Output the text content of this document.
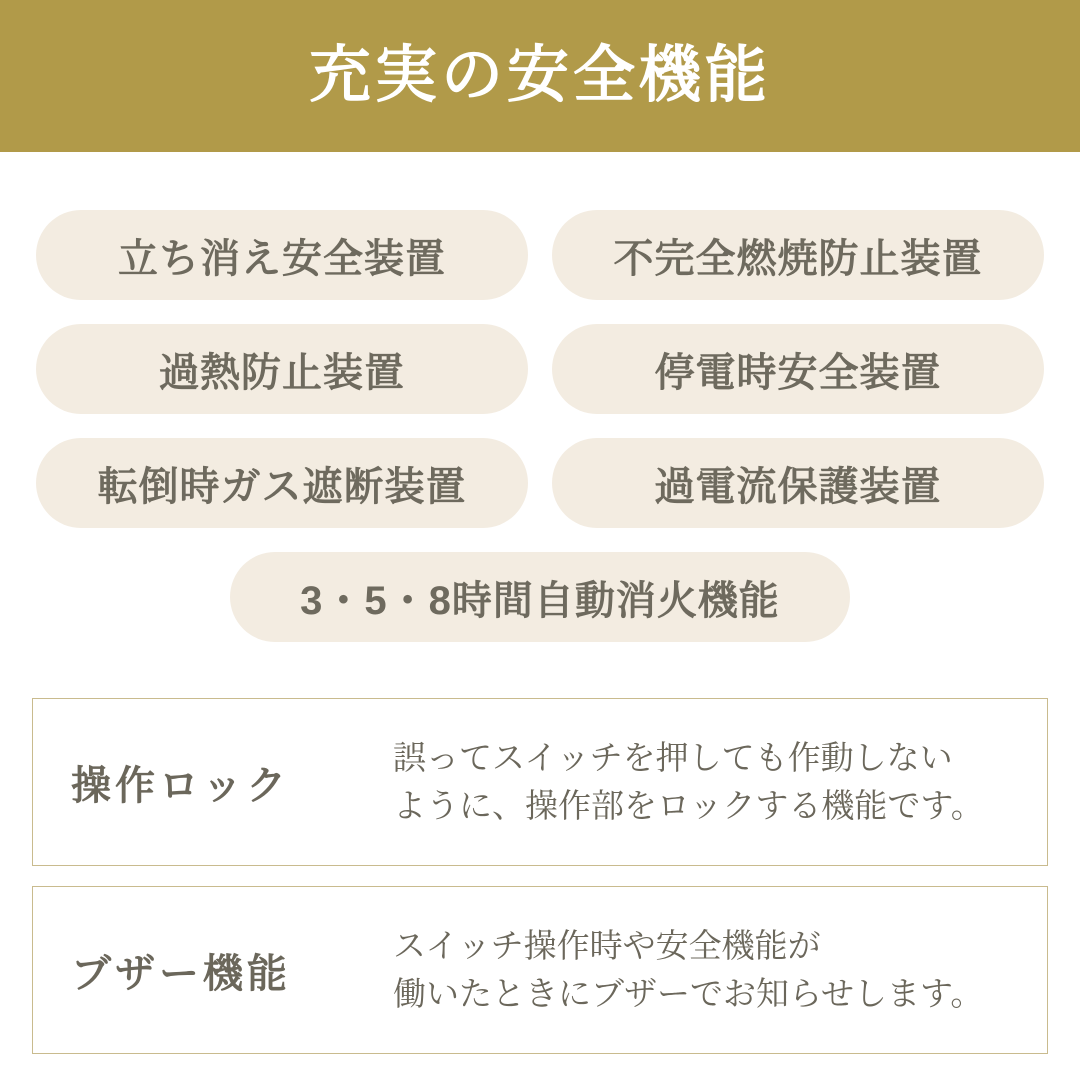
充実の安全機能
立ち消え安全装置	不完全燃焼防止装置
過熱防止装置	停電時安全装置
転倒時ガス遮断装置	過電流保護装置
3・5・8時間自動消火機能
操作ロック
誤ってスイッチを押しても作動しない
ように、操作部をロックする機能です。
ブザー機能
スイッチ操作時や安全機能が
働いたときにブザーでお知らせします。
